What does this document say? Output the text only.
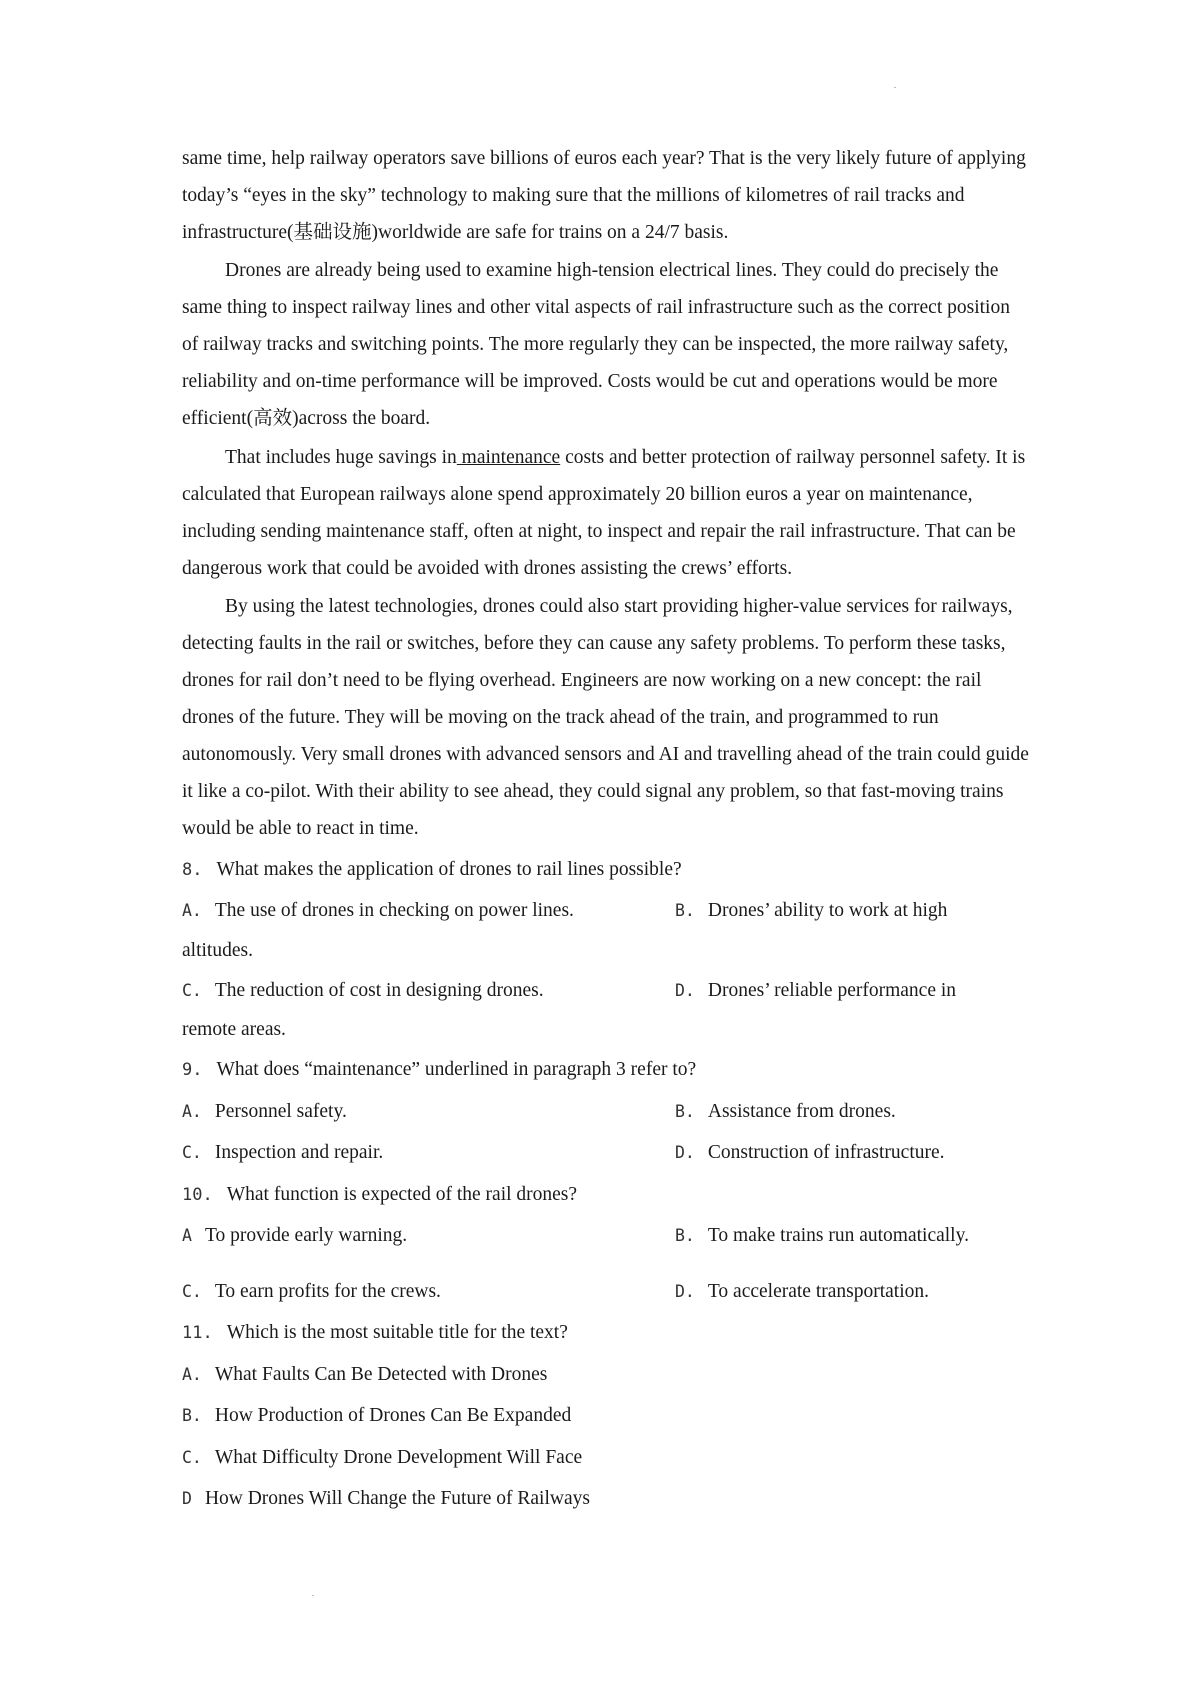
same time, help railway operators save billions of euros each year? That is the very likely future of applying today’s “eyes in the sky” technology to making sure that the millions of kilometres of rail tracks and infrastructure(基础设施)worldwide are safe for trains on a 24/7 basis.

Drones are already being used to examine high-tension electrical lines. They could do precisely the same thing to inspect railway lines and other vital aspects of rail infrastructure such as the correct position of railway tracks and switching points. The more regularly they can be inspected, the more railway safety, reliability and on-time performance will be improved. Costs would be cut and operations would be more efficient(高效)across the board.

That includes huge savings in maintenance costs and better protection of railway personnel safety. It is calculated that European railways alone spend approximately 20 billion euros a year on maintenance, including sending maintenance staff, often at night, to inspect and repair the rail infrastructure. That can be dangerous work that could be avoided with drones assisting the crews’ efforts.

By using the latest technologies, drones could also start providing higher-value services for railways, detecting faults in the rail or switches, before they can cause any safety problems. To perform these tasks, drones for rail don’t need to be flying overhead. Engineers are now working on a new concept: the rail drones of the future. They will be moving on the track ahead of the train, and programmed to run autonomously. Very small drones with advanced sensors and AI and travelling ahead of the train could guide it like a co-pilot. With their ability to see ahead, they could signal any problem, so that fast-moving trains would be able to react in time.

8. What makes the application of drones to rail lines possible?
A. The use of drones in checking on power lines.	B. Drones’ ability to work at high
altitudes.
C. The reduction of cost in designing drones.	D. Drones’ reliable performance in
remote areas.
9. What does “maintenance” underlined in paragraph 3 refer to?
A. Personnel safety.	B. Assistance from drones.
C. Inspection and repair.	D. Construction of infrastructure.
10. What function is expected of the rail drones?
A To provide early warning.	B. To make trains run automatically.
C. To earn profits for the crews.	D. To accelerate transportation.
11. Which is the most suitable title for the text?
A. What Faults Can Be Detected with Drones
B. How Production of Drones Can Be Expanded
C. What Difficulty Drone Development Will Face
D How Drones Will Change the Future of Railways
